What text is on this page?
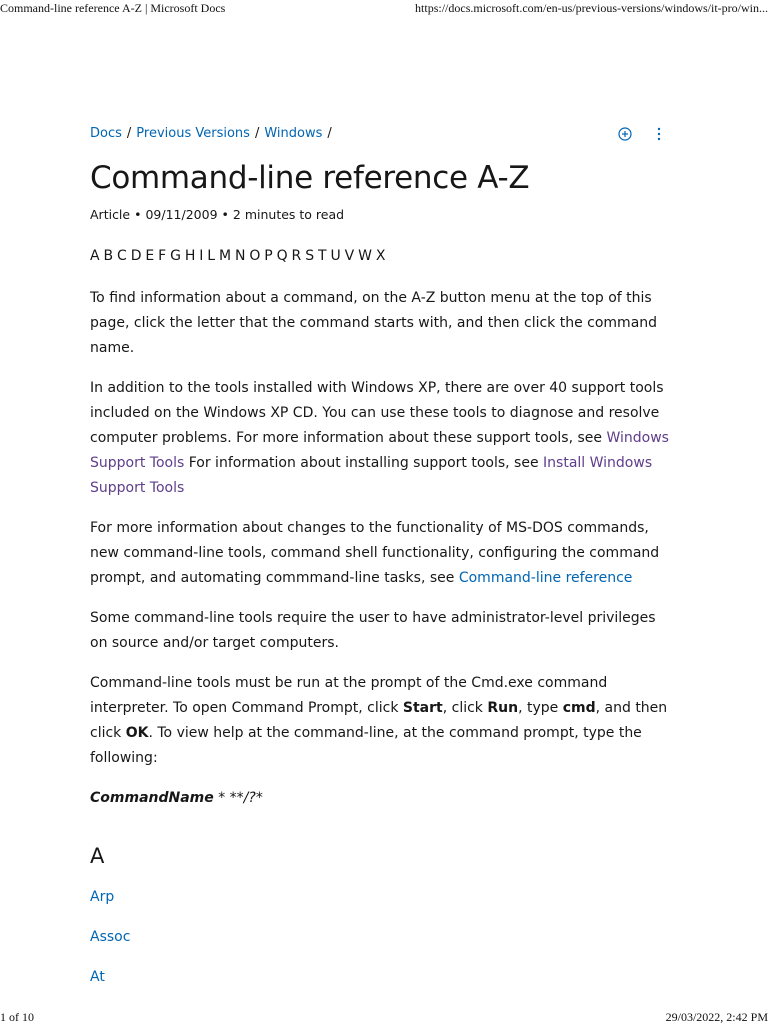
Command-line reference A-Z | Microsoft Docs	https://docs.microsoft.com/en-us/previous-versions/windows/it-pro/win...
Docs / Previous Versions / Windows /
Command-line reference A-Z
Article • 09/11/2009 • 2 minutes to read
A B C D E F G H I L M N O P Q R S T U V W X

To find information about a command, on the A-Z button menu at the top of this page, click the letter that the command starts with, and then click the command name.

In addition to the tools installed with Windows XP, there are over 40 support tools included on the Windows XP CD. You can use these tools to diagnose and resolve computer problems. For more information about these support tools, see Windows Support Tools For information about installing support tools, see Install Windows Support Tools

For more information about changes to the functionality of MS-DOS commands, new command-line tools, command shell functionality, configuring the command prompt, and automating commmand-line tasks, see Command-line reference

Some command-line tools require the user to have administrator-level privileges on source and/or target computers.

Command-line tools must be run at the prompt of the Cmd.exe command interpreter. To open Command Prompt, click Start, click Run, type cmd, and then click OK. To view help at the command-line, at the command prompt, type the following:

CommandName * **/?*
A
Arp
Assoc
At
1 of 10	29/03/2022, 2:42 PM
